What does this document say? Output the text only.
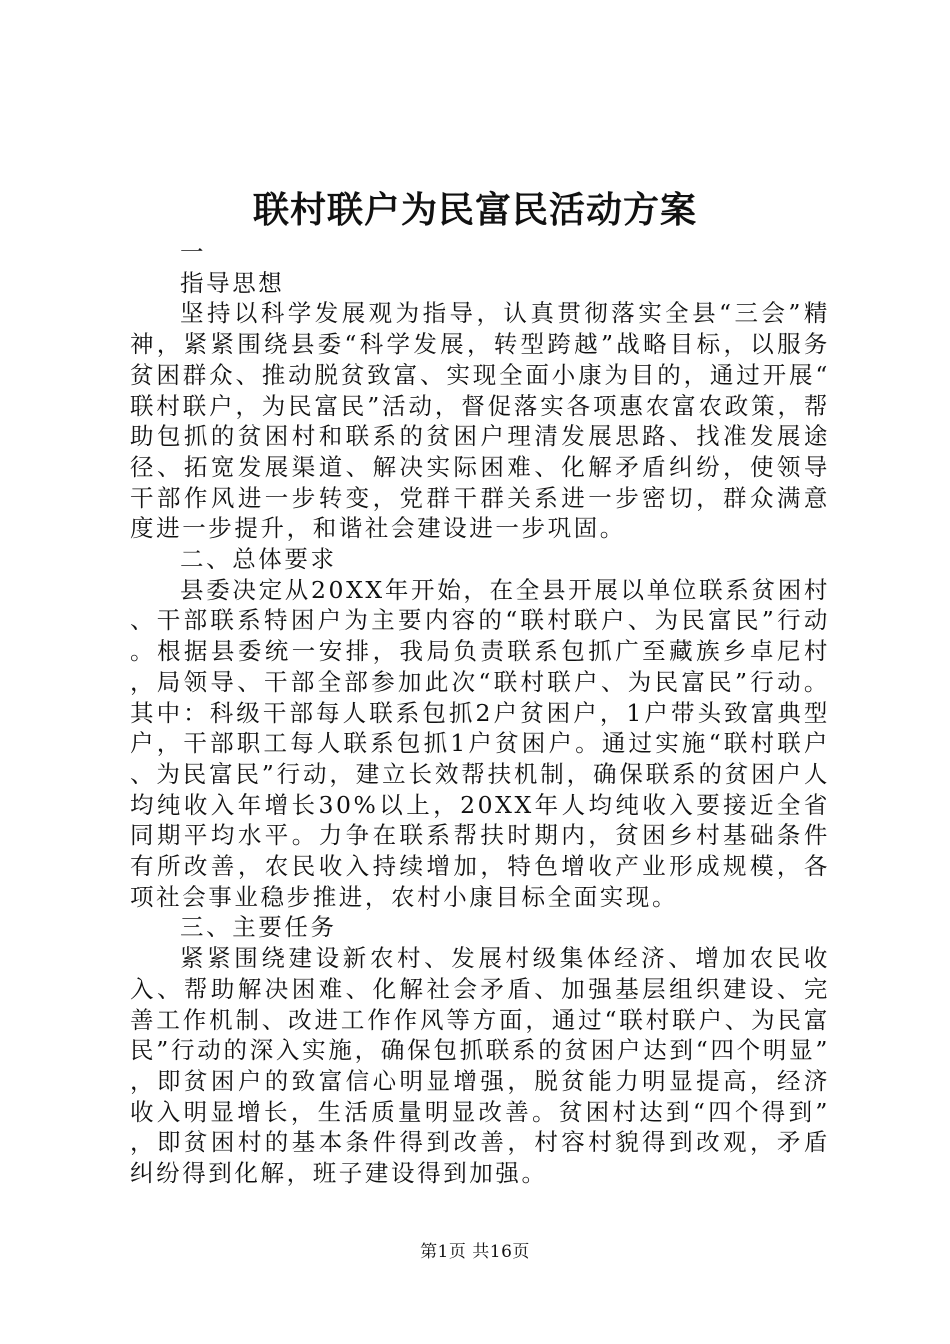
联村联户为民富民活动方案

一

指导思想

坚持以科学发展观为指导，认真贯彻落实全县“三会”精神，紧紧围绕县委“科学发展，转型跨越”战略目标，以服务贫困群众、推动脱贫致富、实现全面小康为目的，通过开展“联村联户，为民富民”活动，督促落实各项惠农富农政策，帮助包抓的贫困村和联系的贫困户理清发展思路、找准发展途径、拓宽发展渠道、解决实际困难、化解矛盾纠纷，使领导干部作风进一步转变，党群干群关系进一步密切，群众满意度进一步提升，和谐社会建设进一步巩固。

二、总体要求

县委决定从20XX年开始，在全县开展以单位联系贫困村、干部联系特困户为主要内容的“联村联户、为民富民”行动。根据县委统一安排，我局负责联系包抓广至藏族乡卓尼村，局领导、干部全部参加此次“联村联户、为民富民”行动。其中：科级干部每人联系包抓2户贫困户，1户带头致富典型户，干部职工每人联系包抓1户贫困户。通过实施“联村联户、为民富民”行动，建立长效帮扶机制，确保联系的贫困户人均纯收入年增长30%以上，20XX年人均纯收入要接近全省同期平均水平。力争在联系帮扶时期内，贫困乡村基础条件有所改善，农民收入持续增加，特色增收产业形成规模，各项社会事业稳步推进，农村小康目标全面实现。

三、主要任务

紧紧围绕建设新农村、发展村级集体经济、增加农民收入、帮助解决困难、化解社会矛盾、加强基层组织建设、完善工作机制、改进工作作风等方面，通过“联村联户、为民富民”行动的深入实施，确保包抓联系的贫困户达到“四个明显”，即贫困户的致富信心明显增强，脱贫能力明显提高，经济收入明显增长，生活质量明显改善。贫困村达到“四个得到”，即贫困村的基本条件得到改善，村容村貌得到改观，矛盾纠纷得到化解，班子建设得到加强。

第1页 共16页
